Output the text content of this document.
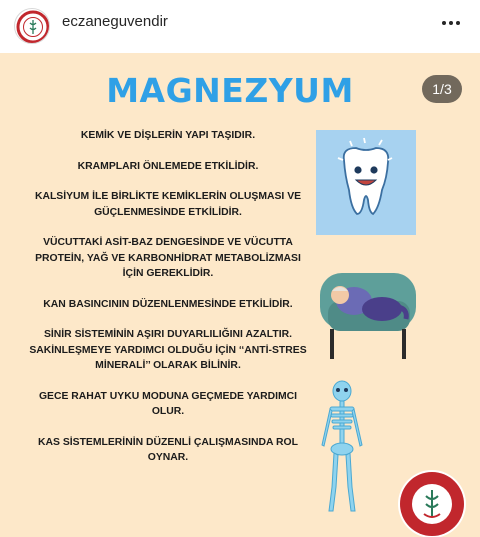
eczaneguvendir
MAGNEZYUM	1/3
KEMİK VE DİŞLERİN YAPI TAŞIDIR.
KRAMPLARI ÖNLEMEDE ETKİLİDİR.
KALSİYUM İLE BİRLİKTE KEMİKLERİN OLUŞMASI VE GÜÇLENMESİNDE ETKİLİDİR.
VÜCUTTAKİ ASİT-BAZ DENGESİNDE VE VÜCUTTA PROTEİN, YAĞ VE KARBONHİDRAT METABOLİZMASI İÇİN GEREKLİDİR.
KAN BASINCININ DÜZENLENMESİNDE ETKİLİDİR.
SİNİR SİSTEMİNİN AŞIRI DUYARLILIĞINI AZALTIR. SAKİNLEŞMEYE YARDIMCI OLDUĞU İÇİN ‘‘ANTİ-STRES MİNERALİ’’ OLARAK BİLİNİR.
GECE RAHAT UYKU MODUNA GEÇMEDE YARDIMCI OLUR.
KAS SİSTEMLERİNİN DÜZENLİ ÇALIŞMASINDA ROL OYNAR.
